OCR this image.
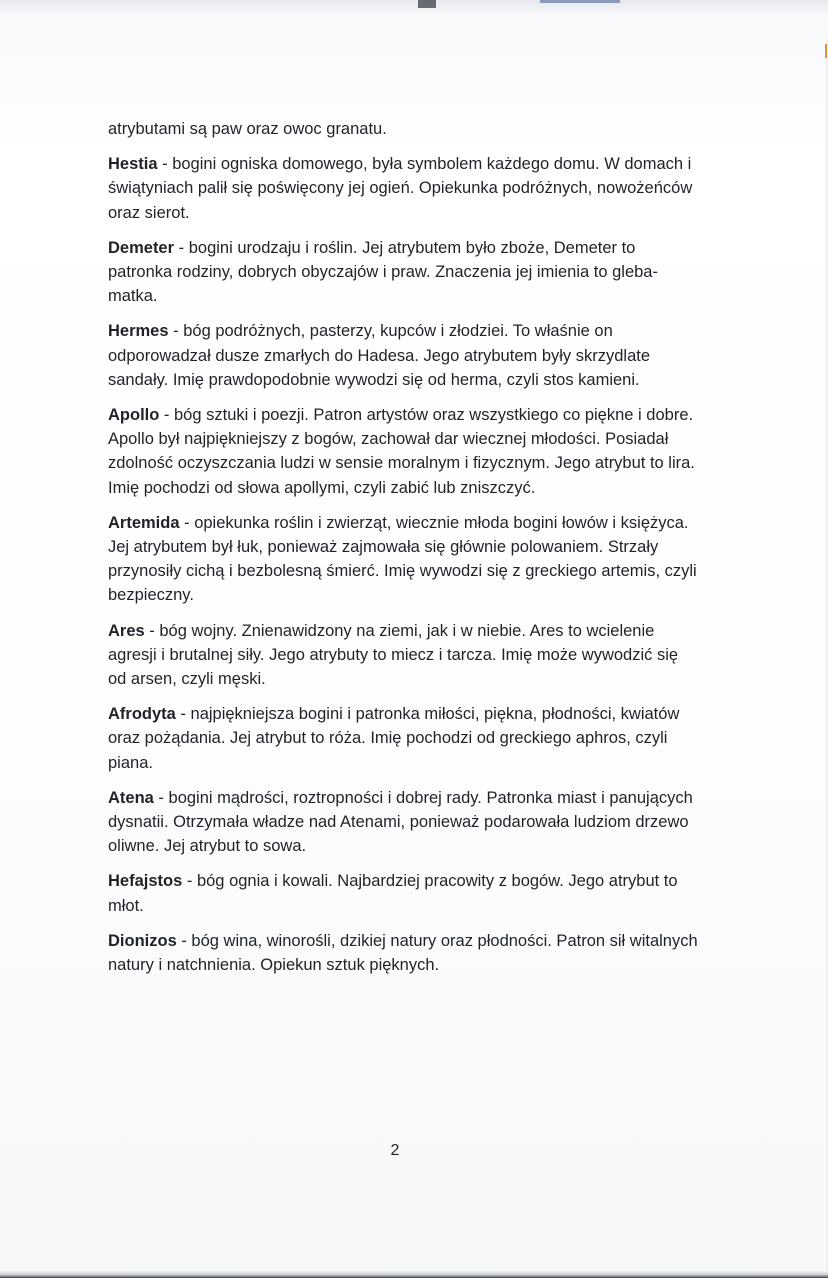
atrybutami są paw oraz owoc granatu.

Hestia - bogini ogniska domowego, była symbolem każdego domu. W domach i świątyniach palił się poświęcony jej ogień. Opiekunka podróżnych, nowożeńców oraz sierot.

Demeter - bogini urodzaju i roślin. Jej atrybutem było zboże, Demeter to patronka rodziny, dobrych obyczajów i praw. Znaczenia jej imienia to gleba-matka.

Hermes - bóg podróżnych, pasterzy, kupców i złodziei. To właśnie on odporowadzał dusze zmarłych do Hadesa. Jego atrybutem były skrzydlate sandały. Imię prawdopodobnie wywodzi się od herma, czyli stos kamieni.

Apollo - bóg sztuki i poezji. Patron artystów oraz wszystkiego co piękne i dobre. Apollo był najpiękniejszy z bogów, zachował dar wiecznej młodości. Posiadał zdolność oczyszczania ludzi w sensie moralnym i fizycznym. Jego atrybut to lira. Imię pochodzi od słowa apollymi, czyli zabić lub zniszczyć.

Artemida - opiekunka roślin i zwierząt, wiecznie młoda bogini łowów i księżyca. Jej atrybutem był łuk, ponieważ zajmowała się głównie polowaniem. Strzały przynosiły cichą i bezbolesną śmierć. Imię wywodzi się z greckiego artemis, czyli bezpieczny.

Ares - bóg wojny. Znienawidzony na ziemi, jak i w niebie. Ares to wcielenie agresji i brutalnej siły. Jego atrybuty to miecz i tarcza. Imię może wywodzić się od arsen, czyli męski.

Afrodyta - najpiękniejsza bogini i patronka miłości, piękna, płodności, kwiatów oraz pożądania. Jej atrybut to róża. Imię pochodzi od greckiego aphros, czyli piana.

Atena - bogini mądrości, roztropności i dobrej rady. Patronka miast i panujących dysnatii. Otrzymała władze nad Atenami, ponieważ podarowała ludziom drzewo oliwne. Jej atrybut to sowa.

Hefajstos - bóg ognia i kowali. Najbardziej pracowity z bogów. Jego atrybut to młot.

Dionizos - bóg wina, winorośli, dzikiej natury oraz płodności. Patron sił witalnych natury i natchnienia. Opiekun sztuk pięknych.

2
